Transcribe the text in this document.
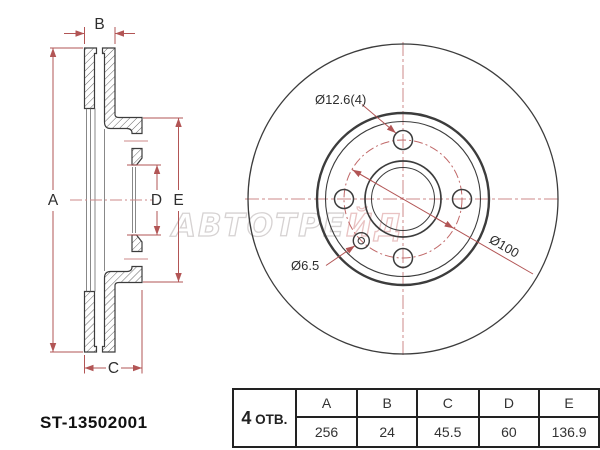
АВТОТРЕЙД
A
B
C
D E
Ø12.6(4)
Ø6.5
Ø100
ST-13502001	4 ОТВ.	A	B	C	D	E
	256	24	45.5	60	136.9
